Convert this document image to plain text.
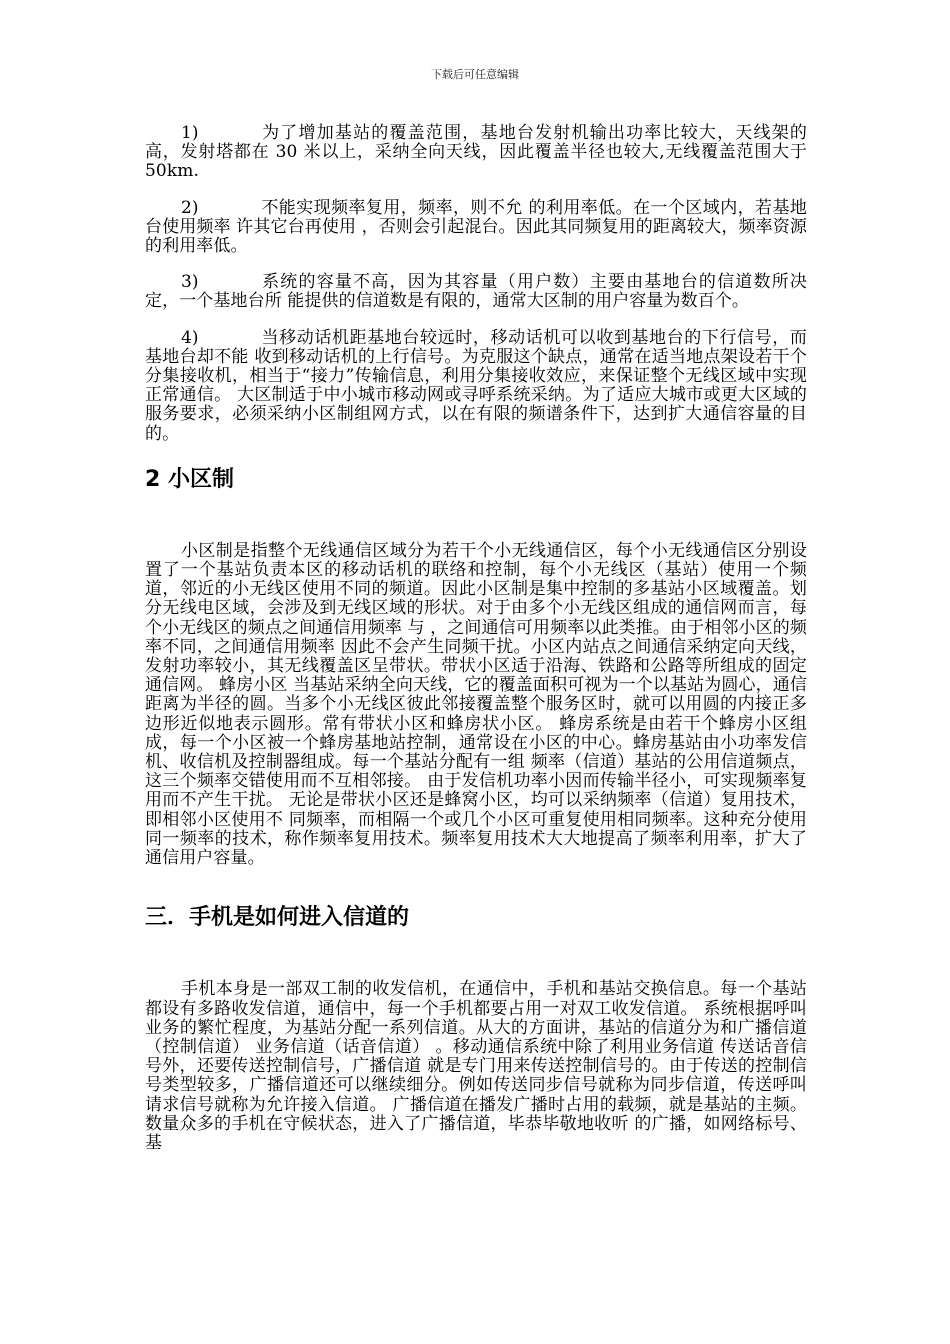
下载后可任意编辑

1)	为了增加基站的覆盖范围，基地台发射机输出功率比较大，天线架的高，发射塔都在 30 米以上，采纳全向天线，因此覆盖半径也较大,无线覆盖范围大于 50km.

2)	不能实现频率复用，频率，则不允 的利用率低。在一个区域内，若基地台使用频率 许其它台再使用 ，否则会引起混台。因此其同频复用的距离较大，频率资源的利用率低。

3)	系统的容量不高，因为其容量（用户数）主要由基地台的信道数所决定，一个基地台所 能提供的信道数是有限的，通常大区制的用户容量为数百个。

4)	当移动话机距基地台较远时，移动话机可以收到基地台的下行信号，而基地台却不能 收到移动话机的上行信号。为克服这个缺点，通常在适当地点架设若干个分集接收机，相当于“接力”传输信息，利用分集接收效应，来保证整个无线区域中实现正常通信。 大区制适于中小城市移动网或寻呼系统采纳。为了适应大城市或更大区域的服务要求，必须采纳小区制组网方式，以在有限的频谱条件下，达到扩大通信容量的目的。

2 小区制

小区制是指整个无线通信区域分为若干个小无线通信区，每个小无线通信区分别设置了一个基站负责本区的移动话机的联络和控制，每个小无线区（基站）使用一个频道，邻近的小无线区使用不同的频道。因此小区制是集中控制的多基站小区域覆盖。划分无线电区域，会涉及到无线区域的形状。对于由多个小无线区组成的通信网而言，每个小无线区的频点之间通信用频率 与 ，之间通信可用频率以此类推。由于相邻小区的频率不同，之间通信用频率 因此不会产生同频干扰。小区内站点之间通信采纳定向天线，发射功率较小，其无线覆盖区呈带状。带状小区适于沿海、铁路和公路等所组成的固定通信网。 蜂房小区 当基站采纳全向天线，它的覆盖面积可视为一个以基站为圆心，通信距离为半径的圆。当多个小无线区彼此邻接覆盖整个服务区时，就可以用圆的内接正多边形近似地表示圆形。常有带状小区和蜂房状小区。 蜂房系统是由若干个蜂房小区组成，每一个小区被一个蜂房基地站控制，通常设在小区的中心。蜂房基站由小功率发信机、收信机及控制器组成。每一个基站分配有一组 频率（信道）基站的公用信道频点，这三个频率交错使用而不互相邻接。 由于发信机功率小因而传输半径小，可实现频率复用而不产生干扰。 无论是带状小区还是蜂窝小区，均可以采纳频率（信道）复用技术，即相邻小区使用不 同频率，而相隔一个或几个小区可重复使用相同频率。这种充分使用同一频率的技术，称作频率复用技术。频率复用技术大大地提高了频率利用率，扩大了通信用户容量。

三．手机是如何进入信道的

手机本身是一部双工制的收发信机，在通信中，手机和基站交换信息。每一个基站都设有多路收发信道，通信中，每一个手机都要占用一对双工收发信道。 系统根据呼叫业务的繁忙程度，为基站分配一系列信道。从大的方面讲，基站的信道分为和广播信道（控制信道） 业务信道（话音信道） 。移动通信系统中除了利用业务信道 传送话音信号外，还要传送控制信号，广播信道 就是专门用来传送控制信号的。由于传送的控制信号类型较多，广播信道还可以继续细分。例如传送同步信号就称为同步信道，传送呼叫请求信号就称为允许接入信道。 广播信道在播发广播时占用的载频，就是基站的主频。数量众多的手机在守候状态，进入了广播信道，毕恭毕敬地收听 的广播，如网络标号、基
